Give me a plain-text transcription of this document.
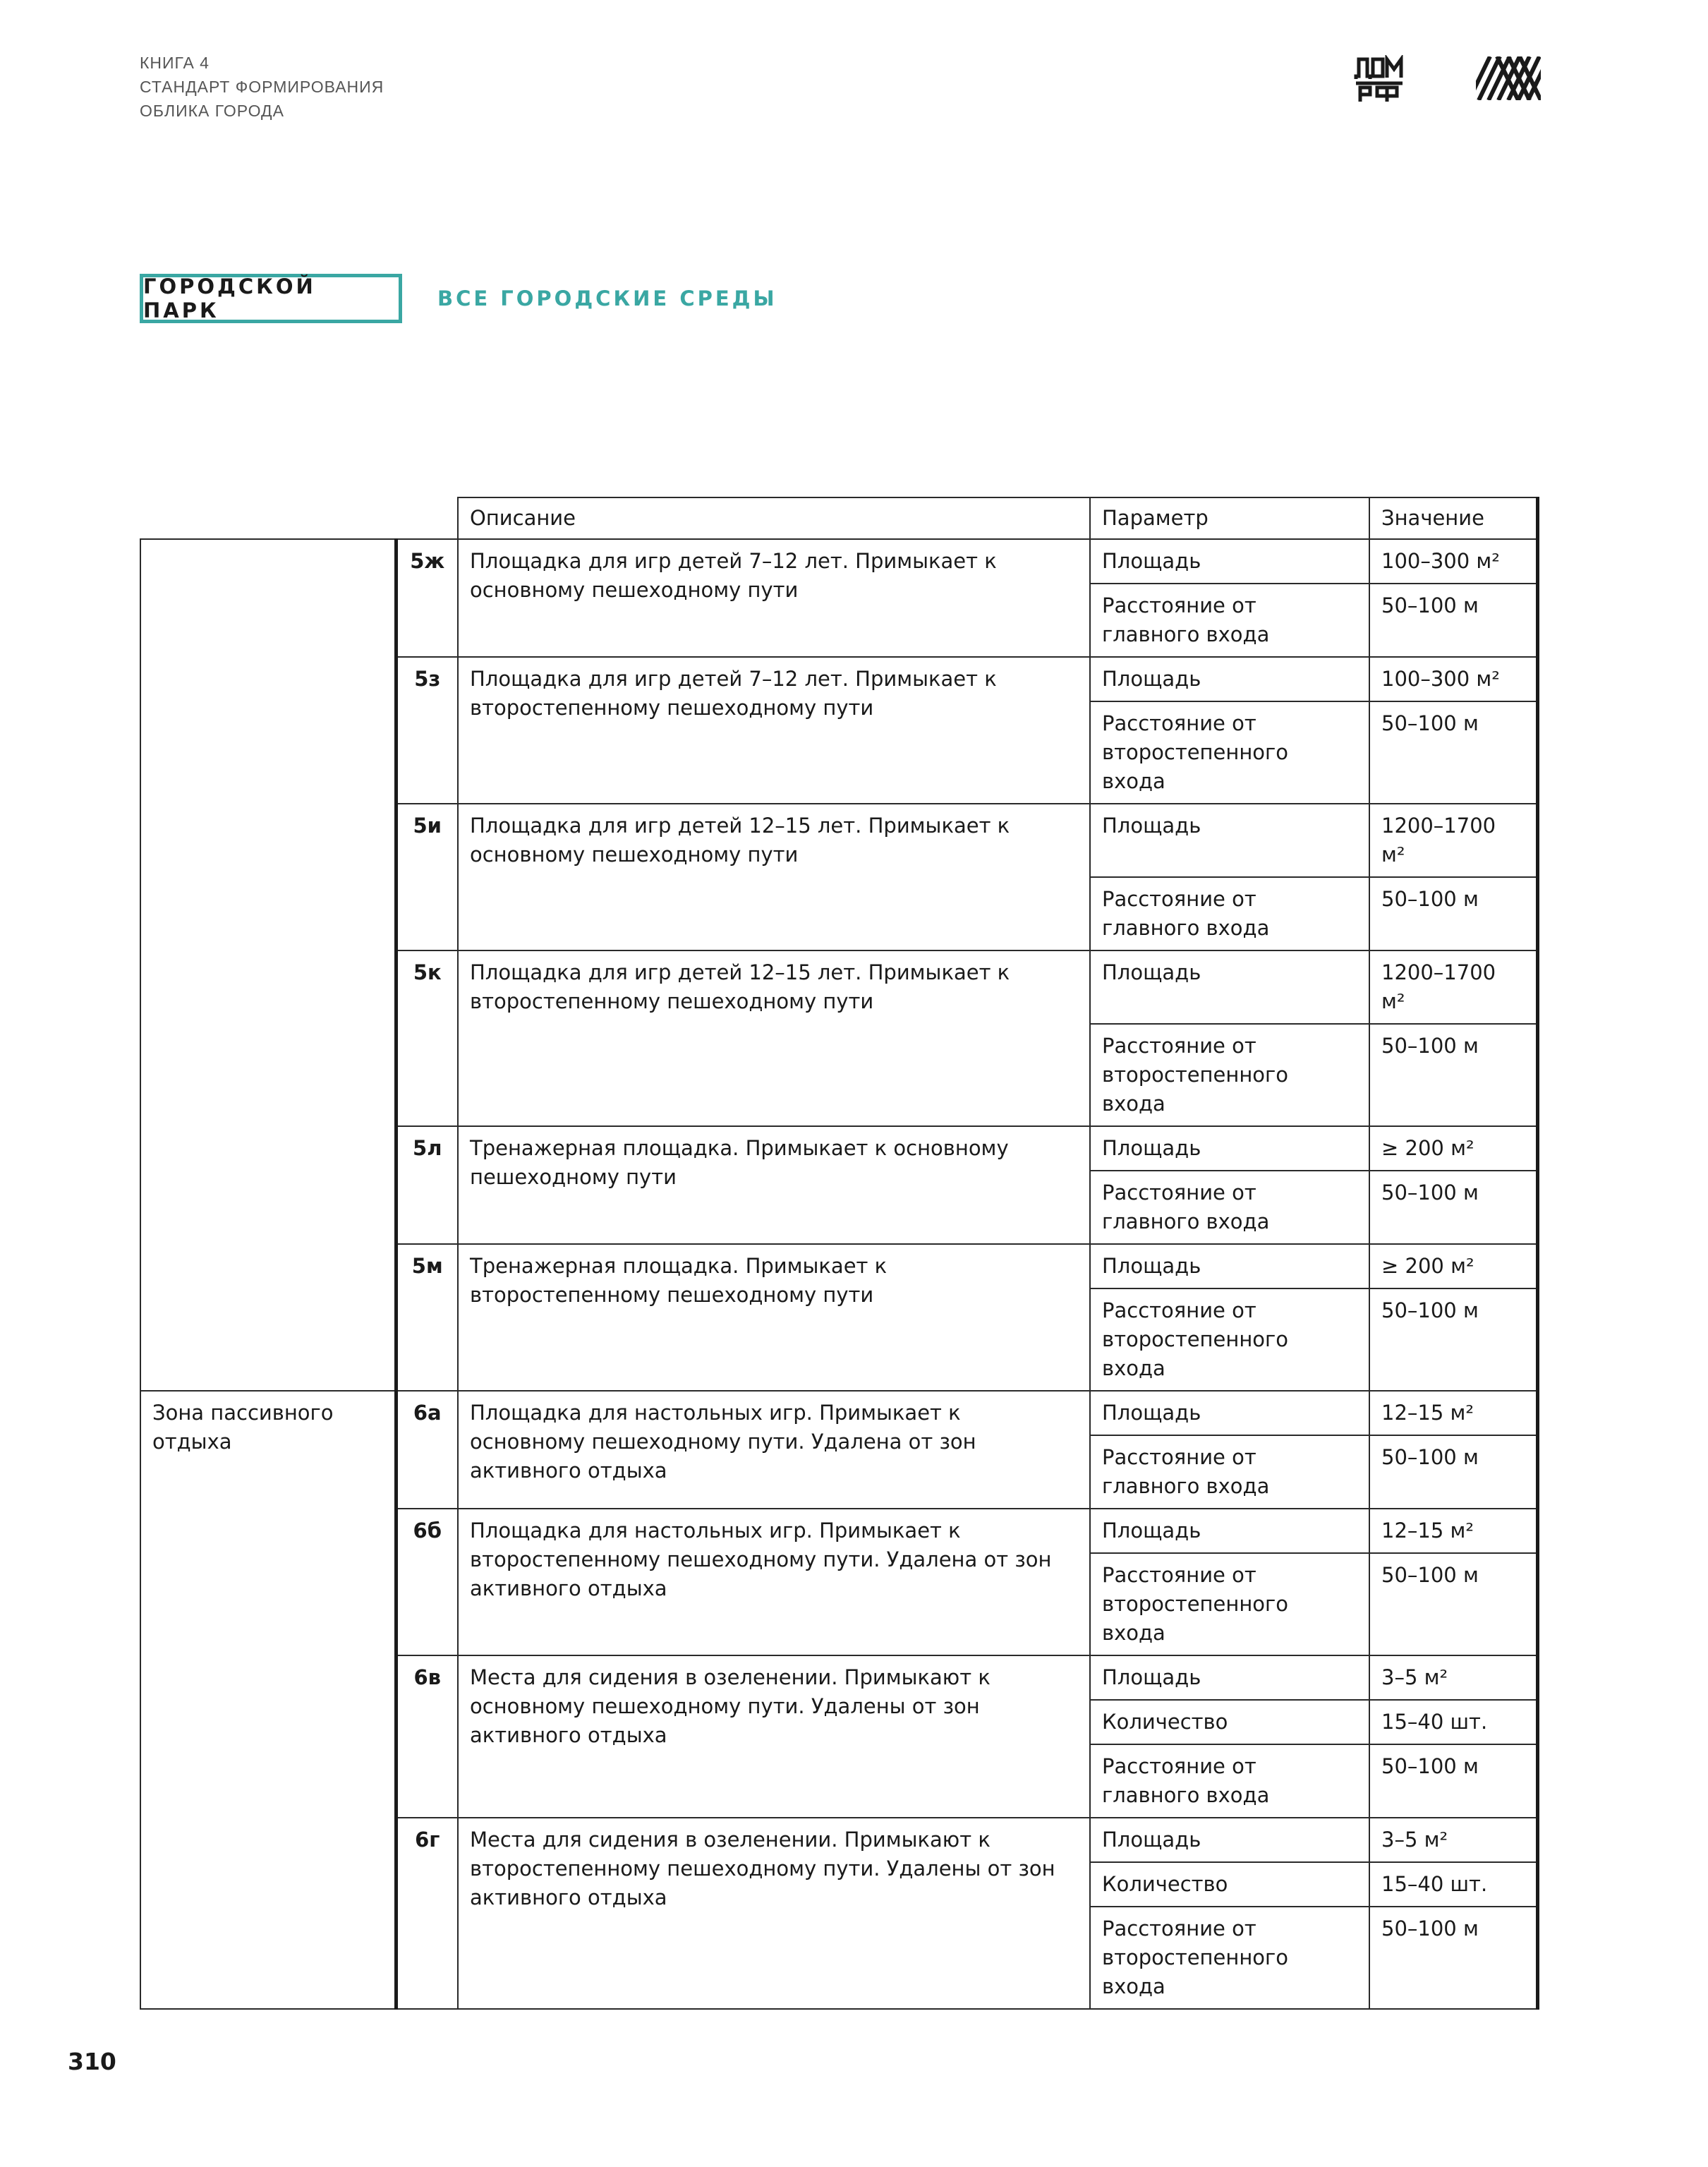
КНИГА 4
СТАНДАРТ ФОРМИРОВАНИЯ
ОБЛИКА ГОРОДА
ГОРОДСКОЙ ПАРК	ВСЕ ГОРОДСКИЕ СРЕДЫ
		Описание	Параметр	Значение
	5ж	Площадка для игр детей 7–12 лет. Примыкает к основному пешеходному пути	Площадь	100–300 м²
			Расстояние от главного входа	50–100 м
	5з	Площадка для игр детей 7–12 лет. Примыкает к второстепенному пешеходному пути	Площадь	100–300 м²
			Расстояние от второстепенного входа	50–100 м
	5и	Площадка для игр детей 12–15 лет. Примыкает к основному пешеходному пути	Площадь	1200–1700 м²
			Расстояние от главного входа	50–100 м
	5к	Площадка для игр детей 12–15 лет. Примыкает к второстепенному пешеходному пути	Площадь	1200–1700 м²
			Расстояние от второстепенного входа	50–100 м
	5л	Тренажерная площадка. Примыкает к основному пешеходному пути	Площадь	≥ 200 м²
			Расстояние от главного входа	50–100 м
	5м	Тренажерная площадка. Примыкает к второстепенному пешеходному пути	Площадь	≥ 200 м²
			Расстояние от второстепенного входа	50–100 м
Зона пассивного отдыха	6а	Площадка для настольных игр. Примыкает к основному пешеходному пути. Удалена от зон активного отдыха	Площадь	12–15 м²
			Расстояние от главного входа	50–100 м
	6б	Площадка для настольных игр. Примыкает к второстепенному пешеходному пути. Удалена от зон активного отдыха	Площадь	12–15 м²
			Расстояние от второстепенного входа	50–100 м
	6в	Места для сидения в озеленении. Примыкают к основному пешеходному пути. Удалены от зон активного отдыха	Площадь	3–5 м²
			Количество	15–40 шт.
			Расстояние от главного входа	50–100 м
	6г	Места для сидения в озеленении. Примыкают к второстепенному пешеходному пути. Удалены от зон активного отдыха	Площадь	3–5 м²
			Количество	15–40 шт.
			Расстояние от второстепенного входа	50–100 м
310
